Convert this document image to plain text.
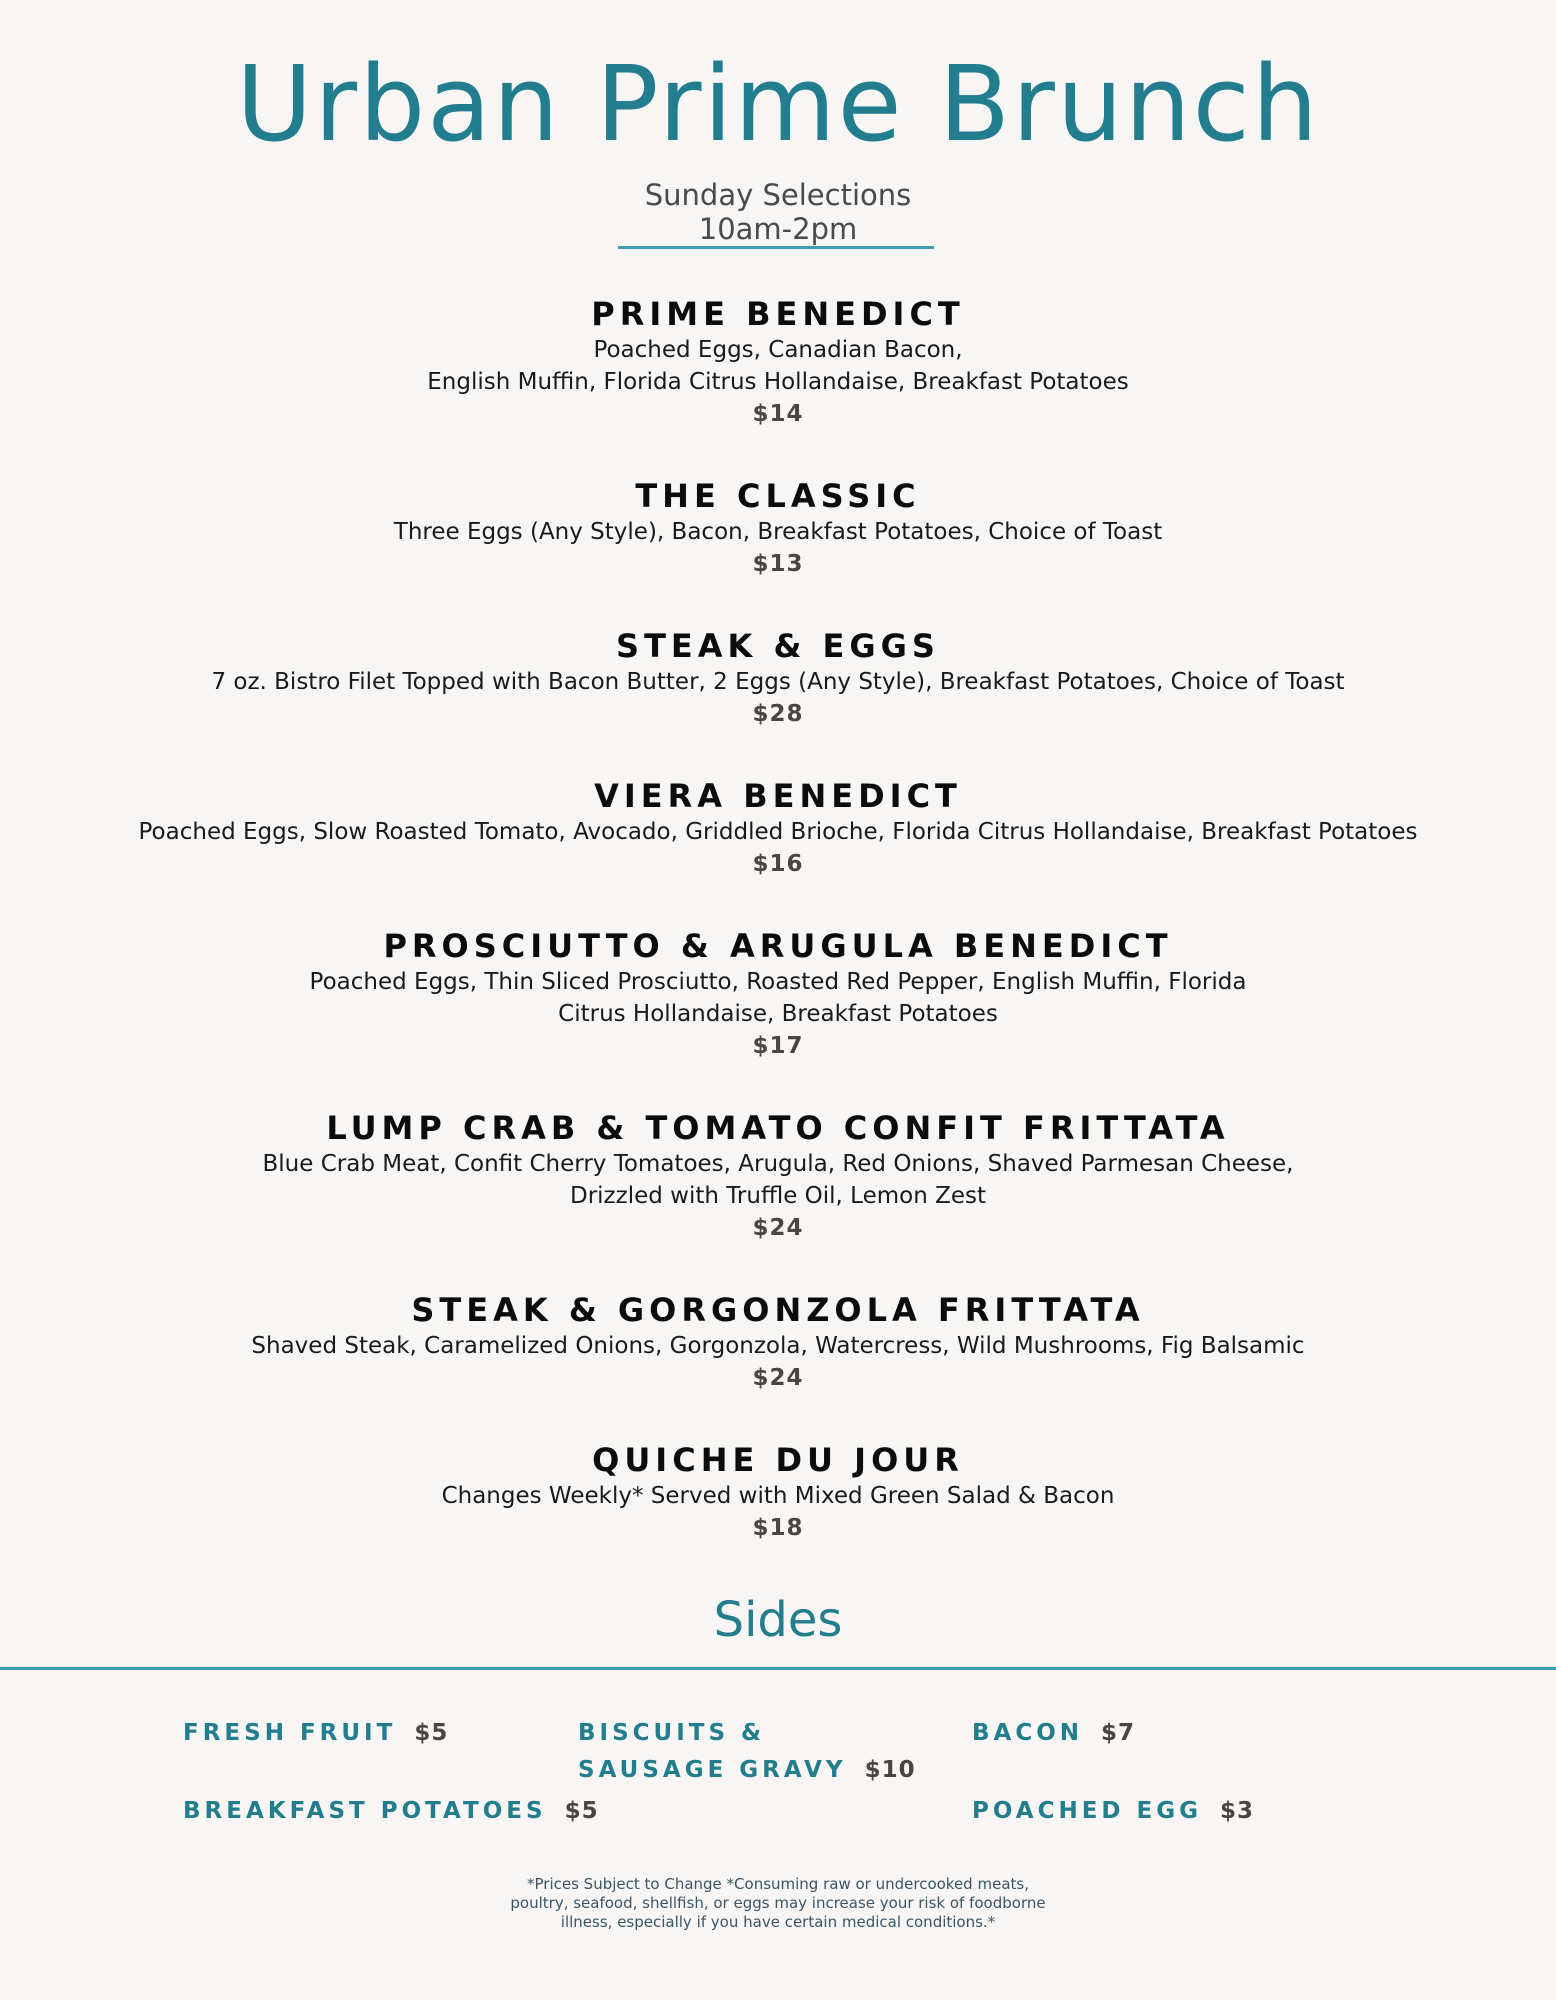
Urban Prime Brunch
Sunday Selections
10am-2pm
PRIME BENEDICT
Poached Eggs, Canadian Bacon,
English Muffin, Florida Citrus Hollandaise, Breakfast Potatoes
$14
THE CLASSIC
Three Eggs (Any Style), Bacon, Breakfast Potatoes, Choice of Toast
$13
STEAK & EGGS
7 oz. Bistro Filet Topped with Bacon Butter, 2 Eggs (Any Style), Breakfast Potatoes, Choice of Toast
$28
VIERA BENEDICT
Poached Eggs, Slow Roasted Tomato, Avocado, Griddled Brioche, Florida Citrus Hollandaise, Breakfast Potatoes
$16
PROSCIUTTO & ARUGULA BENEDICT
Poached Eggs, Thin Sliced Prosciutto, Roasted Red Pepper, English Muffin, Florida
Citrus Hollandaise, Breakfast Potatoes
$17
LUMP CRAB & TOMATO CONFIT FRITTATA
Blue Crab Meat, Confit Cherry Tomatoes, Arugula, Red Onions, Shaved Parmesan Cheese,
Drizzled with Truffle Oil, Lemon Zest
$24
STEAK & GORGONZOLA FRITTATA
Shaved Steak, Caramelized Onions, Gorgonzola, Watercress, Wild Mushrooms, Fig Balsamic
$24
QUICHE DU JOUR
Changes Weekly* Served with Mixed Green Salad & Bacon
$18
Sides
FRESH FRUIT $5	BISCUITS &
SAUSAGE GRAVY $10
BACON $7
BREAKFAST POTATOES $5	POACHED EGG $3
*Prices Subject to Change *Consuming raw or undercooked meats,
poultry, seafood, shellfish, or eggs may increase your risk of foodborne
illness, especially if you have certain medical conditions.*
